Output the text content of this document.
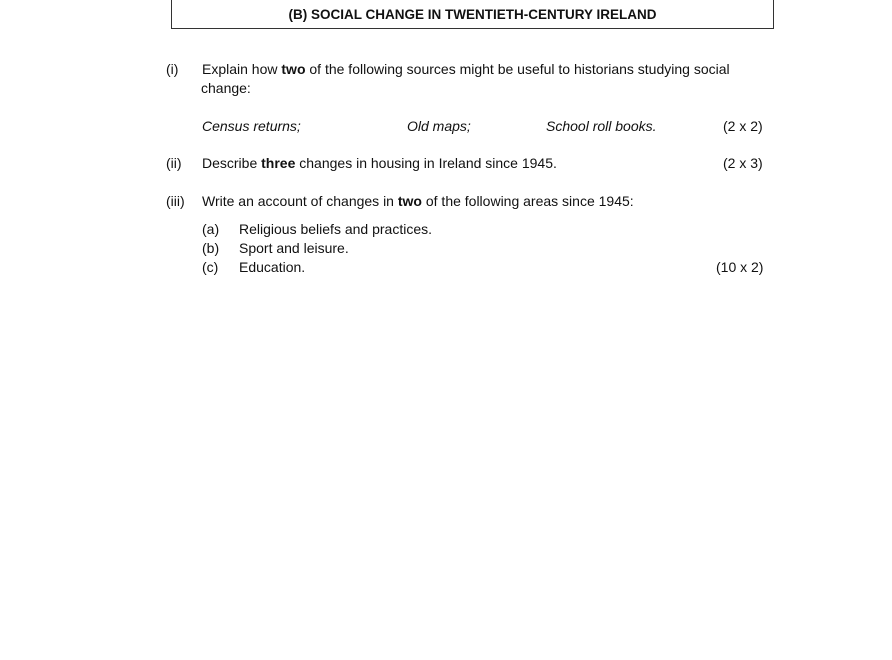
(B) SOCIAL CHANGE IN TWENTIETH-CENTURY IRELAND
(i) Explain how two of the following sources might be useful to historians studying social
change:
Census returns;	Old maps;	School roll books.	(2 x 2)
(ii) Describe three changes in housing in Ireland since 1945.	(2 x 3)
(iii) Write an account of changes in two of the following areas since 1945:
(a) Religious beliefs and practices.
(b) Sport and leisure.
(c) Education.	(10 x 2)
